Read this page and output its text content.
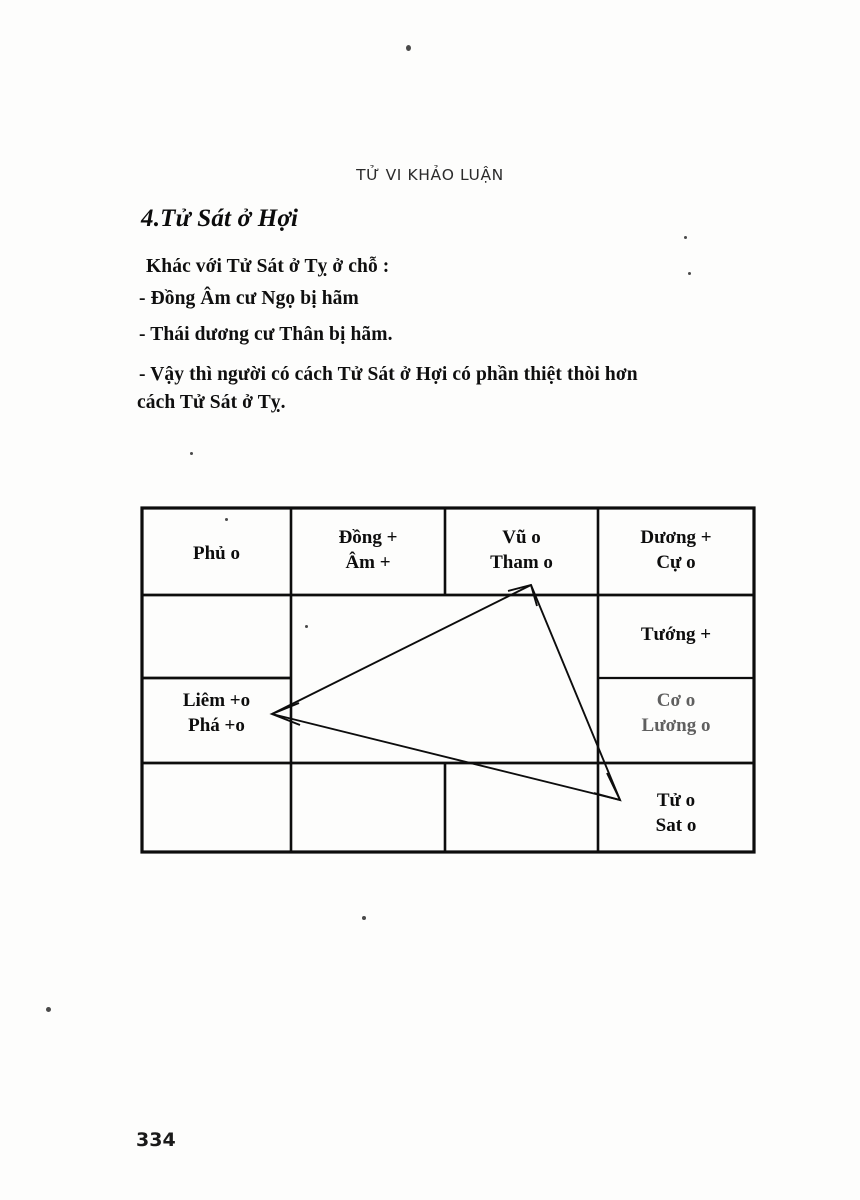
TỬ VI KHẢO LUẬN
4.Tử Sát ở Hợi
Khác với Tử Sát ở Tỵ ở chỗ :
- Đồng Âm cư Ngọ bị hãm
- Thái dương cư Thân bị hãm.
- Vậy thì người có cách Tử Sát ở Hợi có phần thiệt thòi hơn
cách Tử Sát ở Tỵ.
Phủ o
Đồng +
Âm +
Vũ o
Tham o
Dương +
Cự o
Tướng +
Liêm +o
Phá +o
Cơ o
Lương o
Tử o
Sat o
334
